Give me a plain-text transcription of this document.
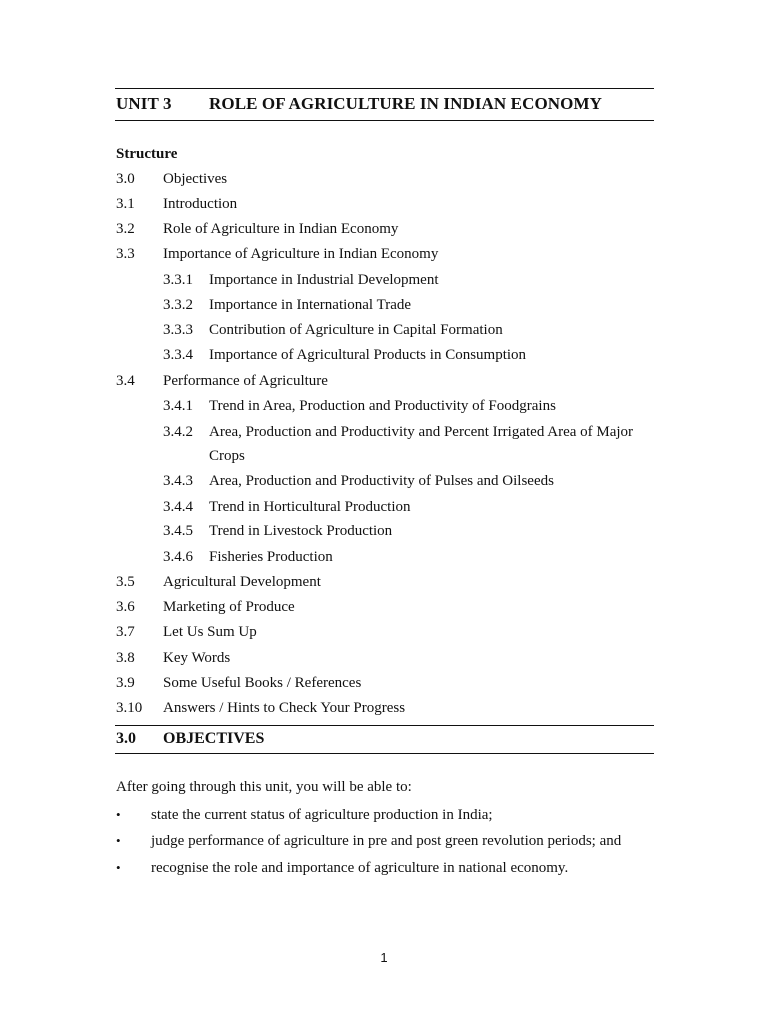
UNIT 3 ROLE OF AGRICULTURE IN INDIAN ECONOMY
Structure
3.0 Objectives
3.1 Introduction
3.2 Role of Agriculture in Indian Economy
3.3 Importance of Agriculture in Indian Economy
3.3.1 Importance in Industrial Development
3.3.2 Importance in International Trade
3.3.3 Contribution of Agriculture in Capital Formation
3.3.4 Importance of Agricultural Products in Consumption
3.4 Performance of Agriculture
3.4.1 Trend in Area, Production and Productivity of Foodgrains
3.4.2 Area, Production and Productivity and Percent Irrigated Area of Major
Crops
3.4.3 Area, Production and Productivity of Pulses and Oilseeds
3.4.4 Trend in Horticultural Production
3.4.5 Trend in Livestock Production
3.4.6 Fisheries Production
3.5 Agricultural Development
3.6 Marketing of Produce
3.7 Let Us Sum Up
3.8 Key Words
3.9 Some Useful Books / References
3.10 Answers / Hints to Check Your Progress
3.0 OBJECTIVES
After going through this unit, you will be able to:
• state the current status of agriculture production in India;
• judge performance of agriculture in pre and post green revolution periods; and
• recognise the role and importance of agriculture in national economy.
1
